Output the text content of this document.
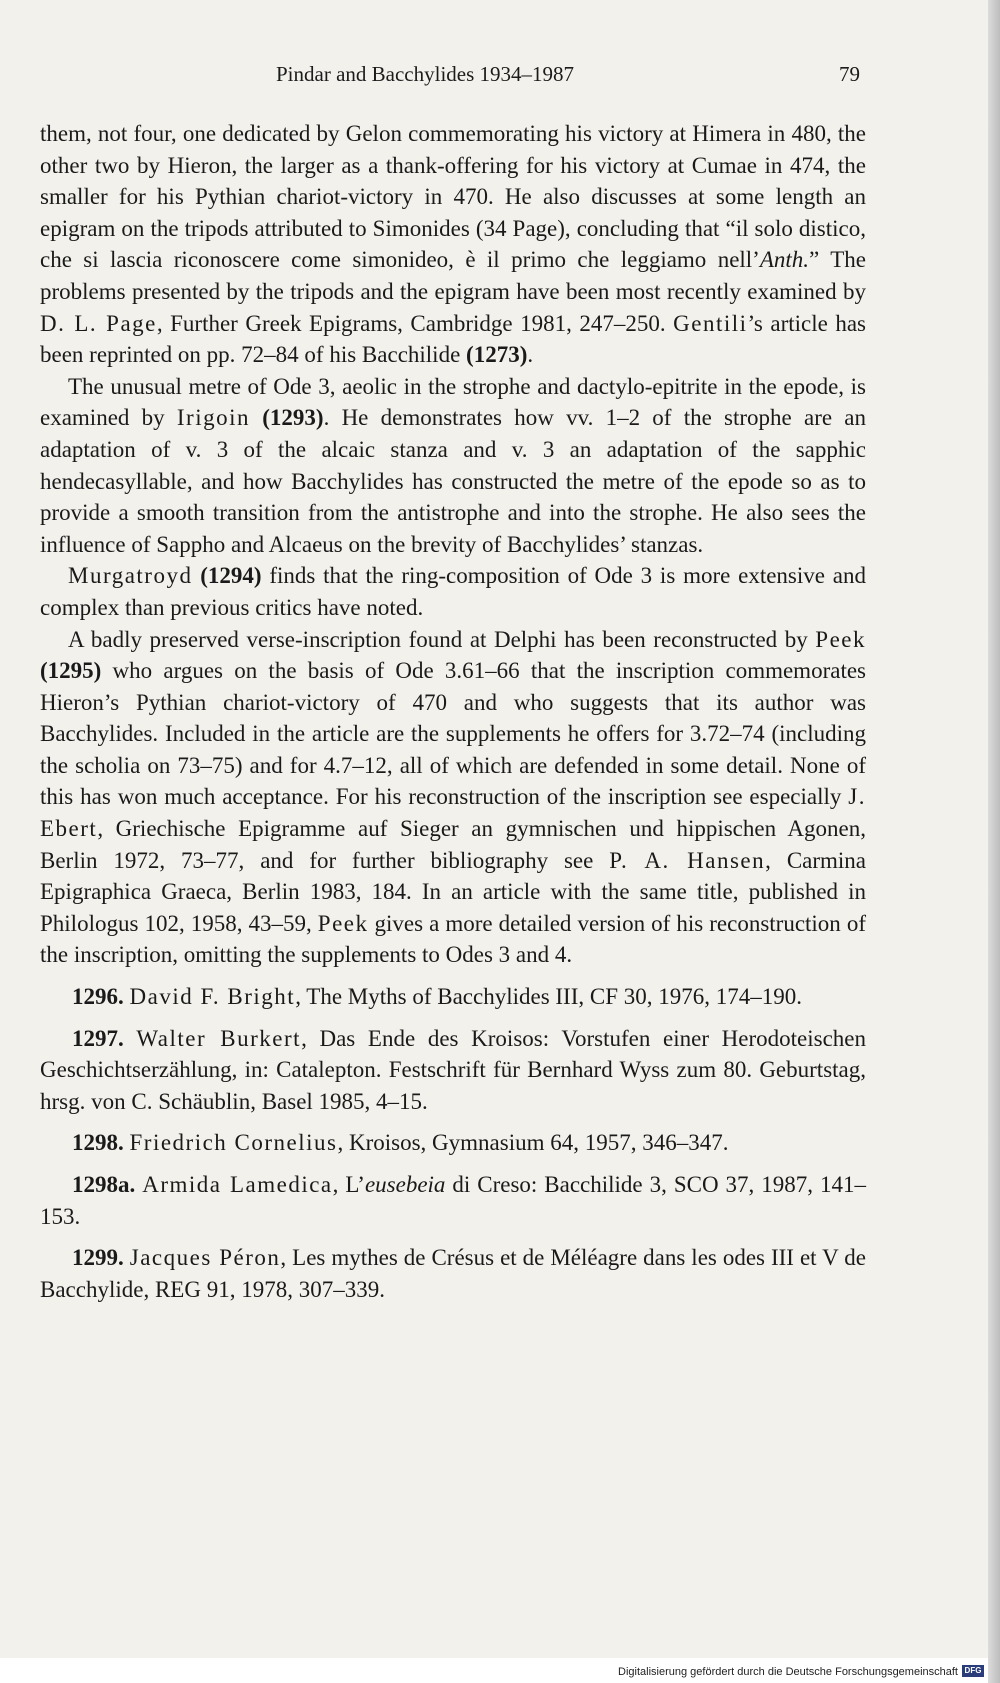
Pindar and Bacchylides 1934–1987	79

them, not four, one dedicated by Gelon commemorating his victory at Himera in 480, the other two by Hieron, the larger as a thank-offering for his victory at Cumae in 474, the smaller for his Pythian chariot-victory in 470. He also discusses at some length an epigram on the tripods attributed to Simonides (34 Page), concluding that “il solo distico, che si lascia riconoscere come simonideo, è il primo che leggiamo nell’Anth.” The problems presented by the tripods and the epigram have been most recently examined by D. L. Page, Further Greek Epigrams, Cambridge 1981, 247–250. Gentili’s article has been reprinted on pp. 72–84 of his Bacchilide (1273).

The unusual metre of Ode 3, aeolic in the strophe and dactylo-epitrite in the epode, is examined by Irigoin (1293). He demonstrates how vv. 1–2 of the strophe are an adaptation of v. 3 of the alcaic stanza and v. 3 an adaptation of the sapphic hendecasyllable, and how Bacchylides has constructed the metre of the epode so as to provide a smooth transition from the antistrophe and into the strophe. He also sees the influence of Sappho and Alcaeus on the brevity of Bacchylides’ stanzas.

Murgatroyd (1294) finds that the ring-composition of Ode 3 is more extensive and complex than previous critics have noted.

A badly preserved verse-inscription found at Delphi has been reconstructed by Peek (1295) who argues on the basis of Ode 3.61–66 that the inscription commemorates Hieron’s Pythian chariot-victory of 470 and who suggests that its author was Bacchylides. Included in the article are the supplements he offers for 3.72–74 (including the scholia on 73–75) and for 4.7–12, all of which are defended in some detail. None of this has won much acceptance. For his reconstruction of the inscription see especially J. Ebert, Griechische Epigramme auf Sieger an gymnischen und hippischen Agonen, Berlin 1972, 73–77, and for further bibliography see P. A. Hansen, Carmina Epigraphica Graeca, Berlin 1983, 184. In an article with the same title, published in Philologus 102, 1958, 43–59, Peek gives a more detailed version of his reconstruction of the inscription, omitting the supplements to Odes 3 and 4.

1296. David F. Bright, The Myths of Bacchylides III, CF 30, 1976, 174–190.

1297. Walter Burkert, Das Ende des Kroisos: Vorstufen einer Herodoteischen Geschichtserzählung, in: Catalepton. Festschrift für Bernhard Wyss zum 80. Geburtstag, hrsg. von C. Schäublin, Basel 1985, 4–15.

1298. Friedrich Cornelius, Kroisos, Gymnasium 64, 1957, 346–347.

1298a. Armida Lamedica, L’eusebeia di Creso: Bacchilide 3, SCO 37, 1987, 141–153.

1299. Jacques Péron, Les mythes de Crésus et de Méléagre dans les odes III et V de Bacchylide, REG 91, 1978, 307–339.

Digitalisierung gefördert durch die Deutsche Forschungsgemeinschaft DFG
